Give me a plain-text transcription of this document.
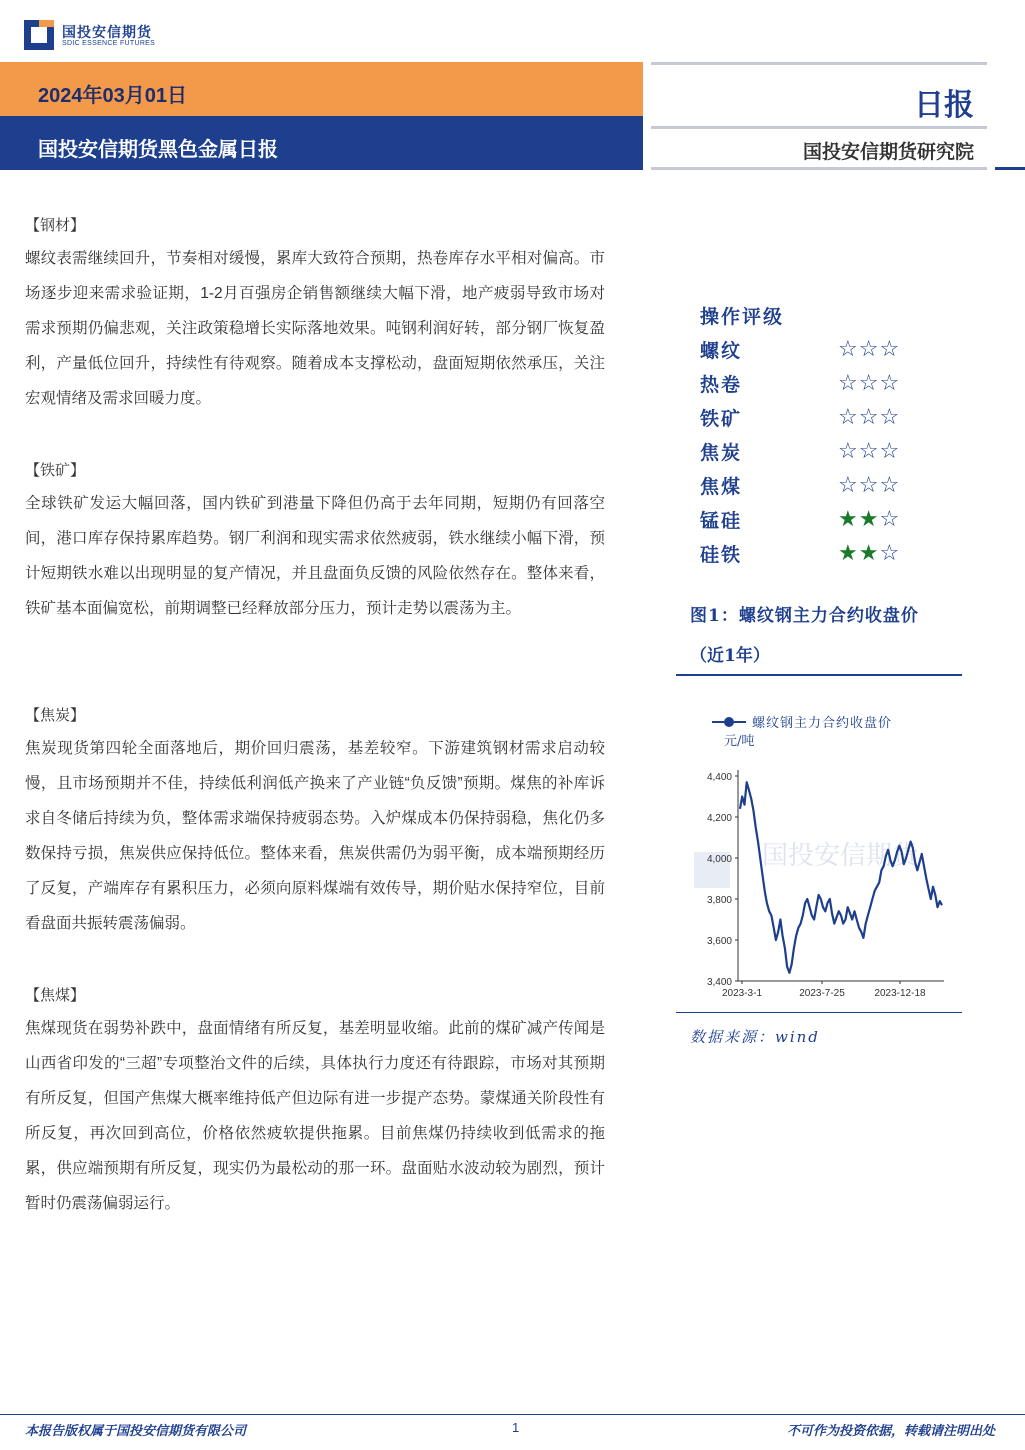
国投安信期货
SDIC ESSENCE FUTURES
2024年03月01日
国投安信期货黑色金属日报
日报
国投安信期货研究院
【钢材】
螺纹表需继续回升，节奏相对缓慢，累库大致符合预期，热卷库存水平相对偏高。市场逐步迎来需求验证期，1-2月百强房企销售额继续大幅下滑，地产疲弱导致市场对需求预期仍偏悲观，关注政策稳增长实际落地效果。吨钢利润好转，部分钢厂恢复盈利，产量低位回升，持续性有待观察。随着成本支撑松动，盘面短期依然承压，关注宏观情绪及需求回暖力度。
【铁矿】
全球铁矿发运大幅回落，国内铁矿到港量下降但仍高于去年同期，短期仍有回落空间，港口库存保持累库趋势。钢厂利润和现实需求依然疲弱，铁水继续小幅下滑，预计短期铁水难以出现明显的复产情况，并且盘面负反馈的风险依然存在。整体来看，铁矿基本面偏宽松，前期调整已经释放部分压力，预计走势以震荡为主。
【焦炭】
焦炭现货第四轮全面落地后，期价回归震荡，基差较窄。下游建筑钢材需求启动较慢，且市场预期并不佳，持续低利润低产换来了产业链“负反馈”预期。煤焦的补库诉求自冬储后持续为负，整体需求端保持疲弱态势。入炉煤成本仍保持弱稳，焦化仍多数保持亏损，焦炭供应保持低位。整体来看，焦炭供需仍为弱平衡，成本端预期经历了反复，产端库存有累积压力，必须向原料煤端有效传导，期价贴水保持窄位，目前看盘面共振转震荡偏弱。
【焦煤】
焦煤现货在弱势补跌中，盘面情绪有所反复，基差明显收缩。此前的煤矿减产传闻是山西省印发的“三超”专项整治文件的后续，具体执行力度还有待跟踪，市场对其预期有所反复，但国产焦煤大概率维持低产但边际有进一步提产态势。蒙煤通关阶段性有所反复，再次回到高位，价格依然疲软提供拖累。目前焦煤仍持续收到低需求的拖累，供应端预期有所反复，现实仍为最松动的那一环。盘面贴水波动较为剧烈，预计暂时仍震荡偏弱运行。
操作评级
螺纹	☆☆☆
热卷	☆☆☆
铁矿	☆☆☆
焦炭	☆☆☆
焦煤	☆☆☆
锰硅	★★☆
硅铁	★★☆
图1：螺纹钢主力合约收盘价
（近1年）
国投安信期货
螺纹钢主力合约收盘价
元/吨
4,400
4,200
4,000
3,800
3,600
3,400
2023-3-1	2023-7-25	2023-12-18
数据来源：wind
本报告版权属于国投安信期货有限公司	1	不可作为投资依据，转载请注明出处
